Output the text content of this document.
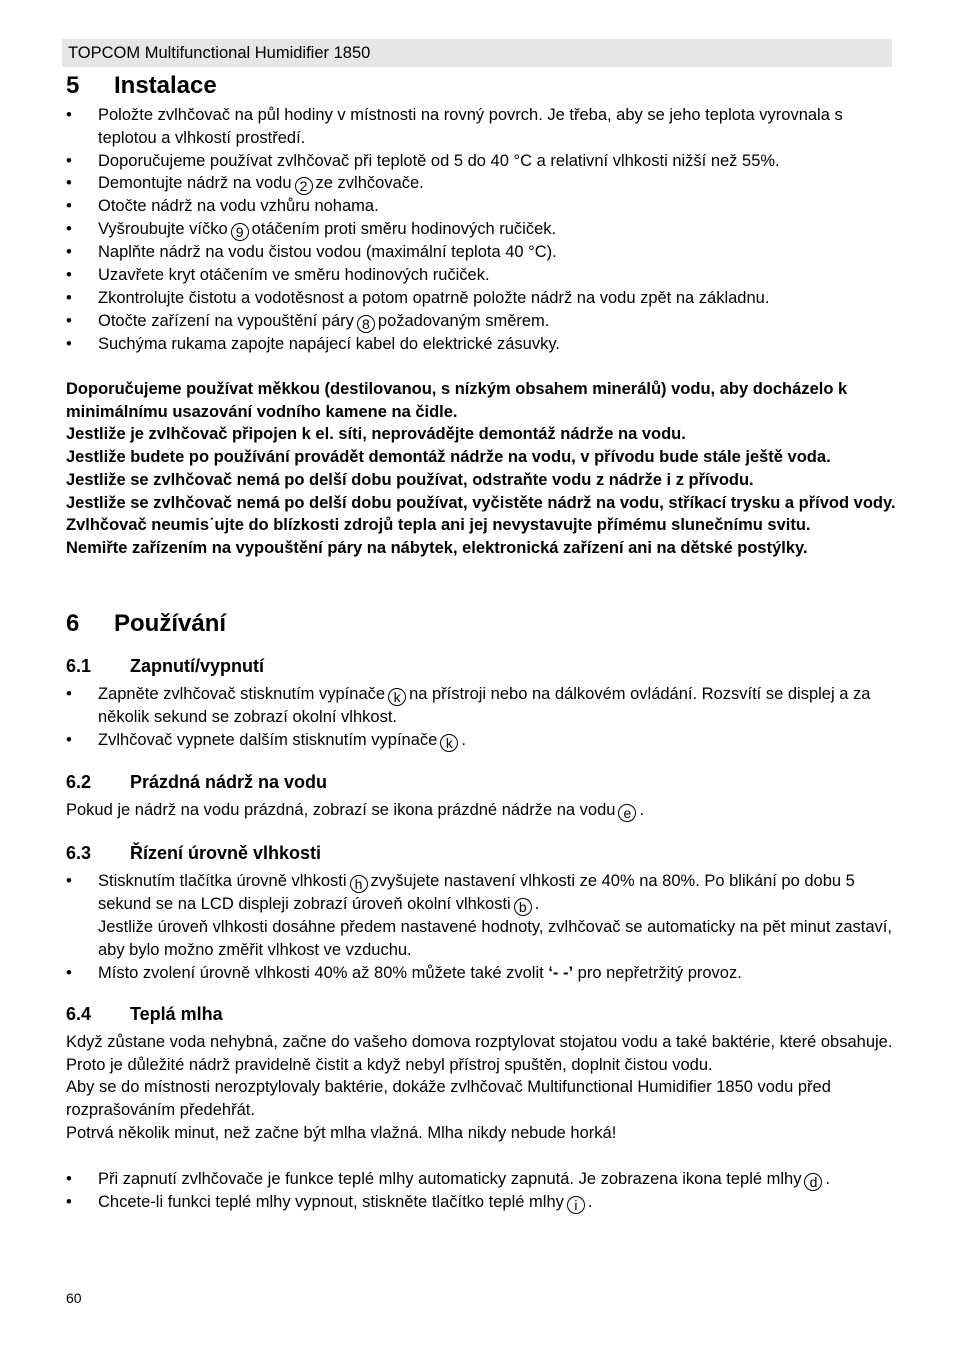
TOPCOM Multifunctional Humidifier 1850
5 Instalace
• Položte zvlhčovač na půl hodiny v místnosti na rovný povrch. Je třeba, aby se jeho teplota vyrovnala s teplotou a vlhkostí prostředí.
• Doporučujeme používat zvlhčovač při teplotě od 5 do 40 °C a relativní vlhkosti nižší než 55%.
• Demontujte nádrž na vodu 2 ze zvlhčovače.
• Otočte nádrž na vodu vzhůru nohama.
• Vyšroubujte víčko 9 otáčením proti směru hodinových ručiček.
• Naplňte nádrž na vodu čistou vodou (maximální teplota 40 °C).
• Uzavřete kryt otáčením ve směru hodinových ručiček.
• Zkontrolujte čistotu a vodotěsnost a potom opatrně položte nádrž na vodu zpět na základnu.
• Otočte zařízení na vypouštění páry 8 požadovaným směrem.
• Suchýma rukama zapojte napájecí kabel do elektrické zásuvky.
Doporučujeme používat měkkou (destilovanou, s nízkým obsahem minerálů) vodu, aby docházelo k minimálnímu usazování vodního kamene na čidle.
Jestliže je zvlhčovač připojen k el. síti, neprovádějte demontáž nádrže na vodu.
Jestliže budete po používání provádět demontáž nádrže na vodu, v přívodu bude stále ještě voda.
Jestliže se zvlhčovač nemá po delší dobu používat, odstraňte vodu z nádrže i z přívodu.
Jestliže se zvlhčovač nemá po delší dobu používat, vyčistěte nádrž na vodu, stříkací trysku a přívod vody.
Zvlhčovač neumis˙ujte do blízkosti zdrojů tepla ani jej nevystavujte přímému slunečnímu svitu.
Nemiřte zařízením na vypouštění páry na nábytek, elektronická zařízení ani na dětské postýlky.
6 Používání
6.1 Zapnutí/vypnutí
• Zapněte zvlhčovač stisknutím vypínače k na přístroji nebo na dálkovém ovládání. Rozsvítí se displej a za několik sekund se zobrazí okolní vlhkost.
• Zvlhčovač vypnete dalším stisknutím vypínače k .
6.2 Prázdná nádrž na vodu
Pokud je nádrž na vodu prázdná, zobrazí se ikona prázdné nádrže na vodu e .
6.3 Řízení úrovně vlhkosti
• Stisknutím tlačítka úrovně vlhkosti h zvyšujete nastavení vlhkosti ze 40% na 80%. Po blikání po dobu 5 sekund se na LCD displeji zobrazí úroveň okolní vlhkosti b .
Jestliže úroveň vlhkosti dosáhne předem nastavené hodnoty, zvlhčovač se automaticky na pět minut zastaví, aby bylo možno změřit vlhkost ve vzduchu.
• Místo zvolení úrovně vlhkosti 40% až 80% můžete také zvolit ‘- -’ pro nepřetržitý provoz.
6.4 Teplá mlha
Když zůstane voda nehybná, začne do vašeho domova rozptylovat stojatou vodu a také baktérie, které obsahuje. Proto je důležité nádrž pravidelně čistit a když nebyl přístroj spuštěn, doplnit čistou vodu.
Aby se do místnosti nerozptylovaly baktérie, dokáže zvlhčovač Multifunctional Humidifier 1850 vodu před rozprašováním předehřát.
Potrvá několik minut, než začne být mlha vlažná. Mlha nikdy nebude horká!
• Při zapnutí zvlhčovače je funkce teplé mlhy automaticky zapnutá. Je zobrazena ikona teplé mlhy d .
• Chcete-li funkci teplé mlhy vypnout, stiskněte tlačítko teplé mlhy i .
60
